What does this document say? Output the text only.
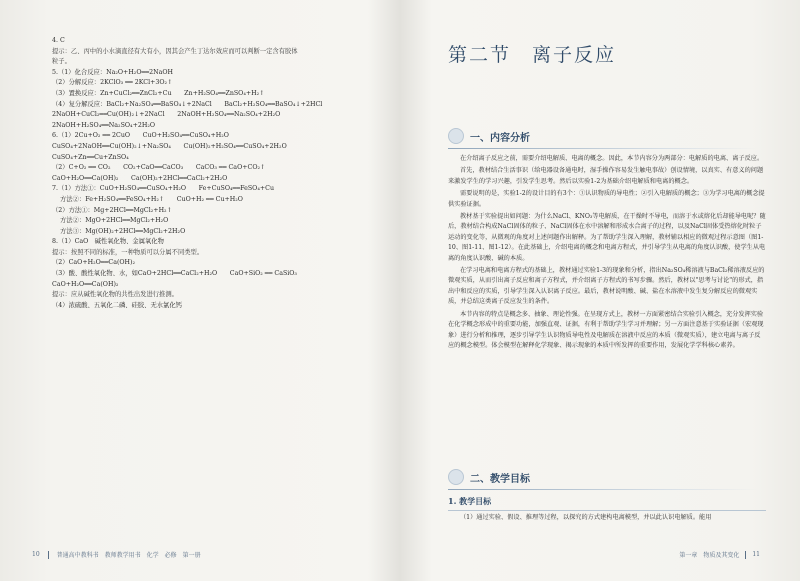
4. C
提示：乙、丙中的小水滴直径有大有小，因其会产生丁达尔效应而可以判断一定含有胶体
粒子。
5.（1）化合反应：Na₂O+H₂O══2NaOH
（2）分解反应：2KClO₃ ══ 2KCl+3O₂↑
（3）置换反应：Zn+CuCl₂══ZnCl₂+Cu　　Zn+H₂SO₄══ZnSO₄+H₂↑
（4）复分解反应：BaCl₂+Na₂SO₄══BaSO₄↓+2NaCl　　BaCl₂+H₂SO₄══BaSO₄↓+2HCl
2NaOH+CuCl₂══Cu(OH)₂↓+2NaCl　　2NaOH+H₂SO₄══Na₂SO₄+2H₂O
2NaOH+H₂SO₄══Na₂SO₄+2H₂O
6.（1）2Cu+O₂ ══ 2CuO　　CuO+H₂SO₄══CuSO₄+H₂O
CuSO₄+2NaOH══Cu(OH)₂↓+Na₂SO₄　　Cu(OH)₂+H₂SO₄══CuSO₄+2H₂O
CuSO₄+Zn══Cu+ZnSO₄
（2）C+O₂ ══ CO₂　　CO₂+CaO══CaCO₃　　CaCO₃ ══ CaO+CO₂↑
CaO+H₂O══Ca(OH)₂　　Ca(OH)₂+2HCl══CaCl₂+2H₂O
7.（1）方法①：CuO+H₂SO₄══CuSO₄+H₂O　　Fe+CuSO₄══FeSO₄+Cu
方法②：Fe+H₂SO₄══FeSO₄+H₂↑　　CuO+H₂ ══ Cu+H₂O
（2）方法①：Mg+2HCl══MgCl₂+H₂↑
方法②：MgO+2HCl══MgCl₂+H₂O
方法③：Mg(OH)₂+2HCl══MgCl₂+2H₂O
8.（1）CaO　碱性氧化物、金属氧化物
提示：按照不同的标准，一种物质可以分属不同类型。
（2）CaO+H₂O══Ca(OH)₂
（3）酸、酸性氧化物、水，如CaO+2HCl══CaCl₂+H₂O　　CaO+SiO₂ ══ CaSiO₃
CaO+H₂O══Ca(OH)₂
提示：应从碱性氧化物的共性出发进行推测。
（4）浓硫酸、五氧化二磷、硅胶、无水氯化钙
10	普通高中教科书　教师教学用书　化学　必修　第一册
第二节　离子反应
一、内容分析

在介绍离子反应之前，需要介绍电解质、电离的概念。因此，本节内容分为两部分：电解质的电离、离子反应。

首先，教材结合生活事识（给电器设备通电时，湿手操作容易发生触电事故）创设情境，以真实、有意义的问题来激发学生的学习兴趣，引发学生思考。然后以实验1-2为基础介绍电解质和电离的概念。

需要说明的是，实验1-2的设计目的有3个：①认识物质的导电性；②引入电解质的概念；③为学习电离的概念提供实验证据。

教材基于实验提出如问题：为什么NaCl、KNO₃等电解质，在干燥时不导电，而溶于水或熔化后却能导电呢？随后，教材结合构成NaCl固体的粒子、NaCl固体在水中溶解和形成水合离子的过程，以及NaCl固体受热熔化时粒子运动的变化等，从微观的角度对上述问题作出解释。为了帮助学生深入理解，教材辅以相应的微观过程示意图（图1-10、图1-11、图1-12）。在此基础上，介绍电离的概念和电离方程式，并引导学生从电离的角度认识酸，使学生从电离的角度认识酸、碱的本质。

在学习电离和电离方程式的基础上，教材通过实验1-3的现象和分析，指出Na₂SO₄稀溶液与BaCl₂稀溶液反应的微观实质，从而引出离子反应和离子方程式，并介绍离子方程式的书写步骤。然后，教材以"思考与讨论"的形式，指出中和反应的实质，引导学生深入认识离子反应。最后，教材说明酸、碱、盐在水溶液中发生复分解反应的微观实质，并总结这类离子反应发生的条件。

本节内容的特点是概念多、抽象、理论性强。在呈现方式上，教材一方面紧密结合实验引入概念，充分发挥实验在化学概念形成中的重要功能，加强直观、证据，有利于帮助学生学习并理解；另一方面注意基于实验证据（宏观现象）进行分析和推理，逐步引导学生认识物质导电性及电解质在溶液中反应的本质（微观实质），建立电离与离子反应的概念模型。体会模型在解释化学现象、揭示现象的本质中所发挥的重要作用，发展化学学科核心素养。

二、教学目标
1. 教学目标

（1）通过实验、假设、推理等过程，以探究的方式建构电离模型，并以此认识电解质。能用

第一章　物质及其变化 11
